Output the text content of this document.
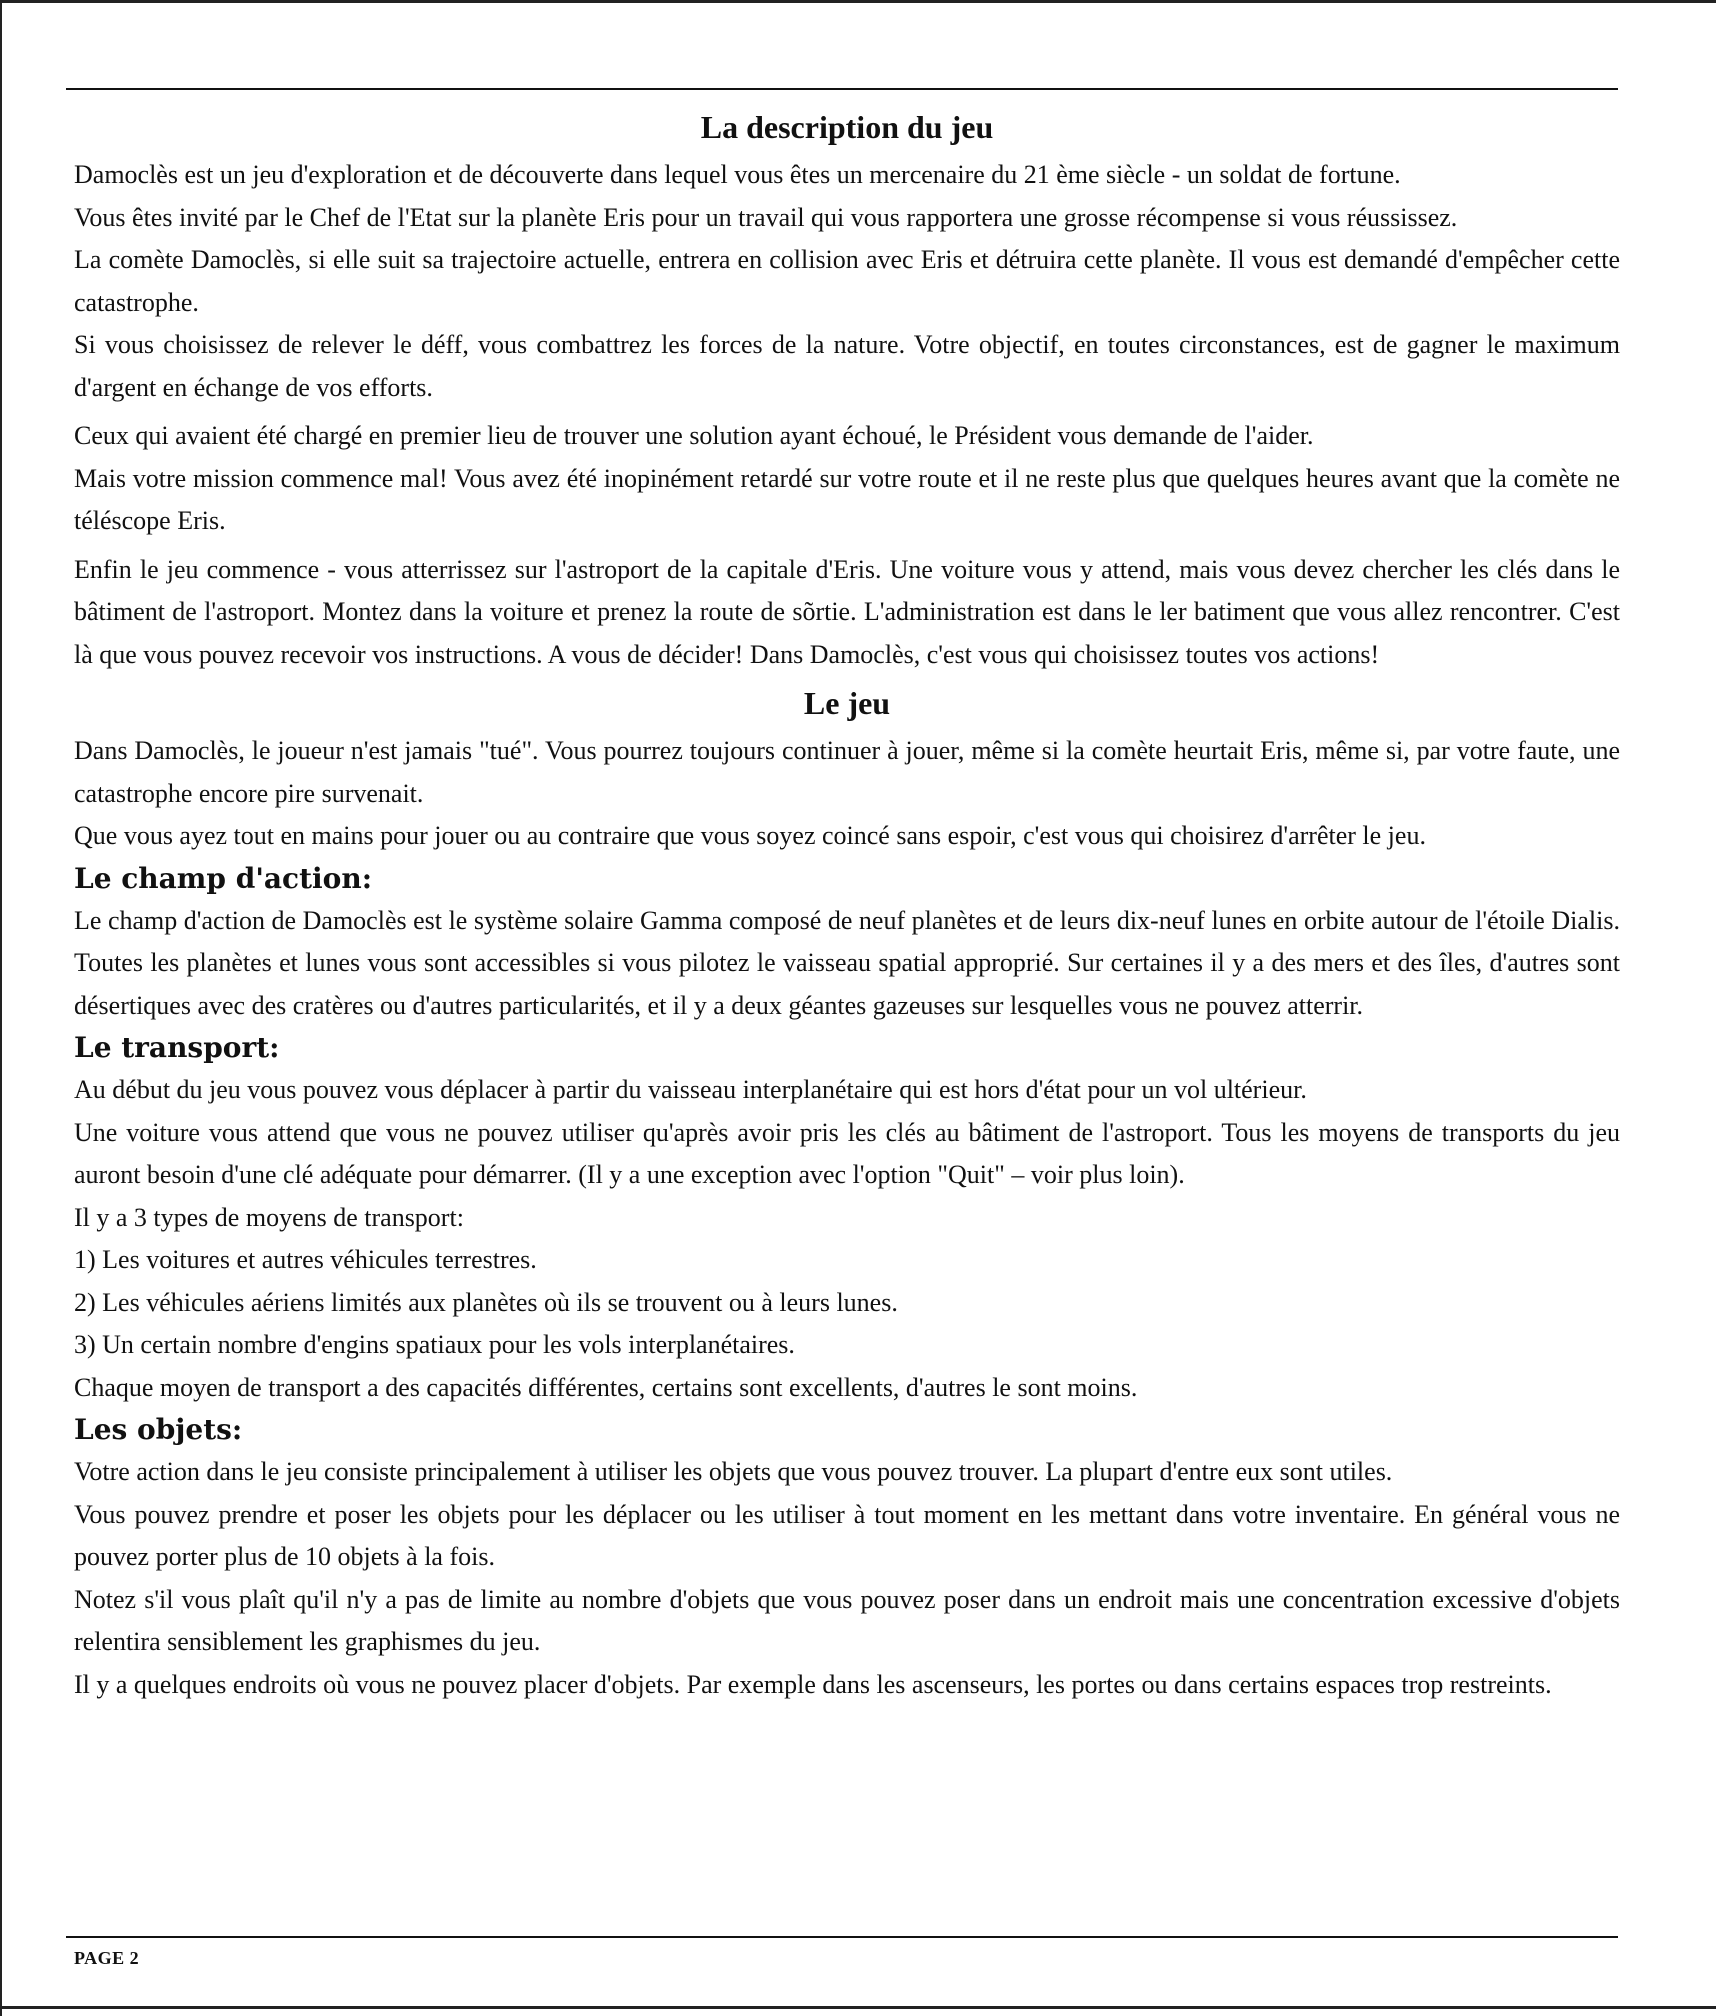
La description du jeu

Damoclès est un jeu d'exploration et de découverte dans lequel vous êtes un mercenaire du 21 ème siècle - un soldat de fortune.

Vous êtes invité par le Chef de l'Etat sur la planète Eris pour un travail qui vous rapportera une grosse récompense si vous réussissez.

La comète Damoclès, si elle suit sa trajectoire actuelle, entrera en collision avec Eris et détruira cette planète. Il vous est demandé d'empêcher cette catastrophe.

Si vous choisissez de relever le déff, vous combattrez les forces de la nature. Votre objectif, en toutes circonstances, est de gagner le maximum d'argent en échange de vos efforts.

Ceux qui avaient été chargé en premier lieu de trouver une solution ayant échoué, le Président vous demande de l'aider.

Mais votre mission commence mal! Vous avez été inopinément retardé sur votre route et il ne reste plus que quelques heures avant que la comète ne téléscope Eris.

Enfin le jeu commence - vous atterrissez sur l'astroport de la capitale d'Eris. Une voiture vous y attend, mais vous devez chercher les clés dans le bâtiment de l'astroport. Montez dans la voiture et prenez la route de sõrtie. L'administration est dans le ler batiment que vous allez rencontrer. C'est là que vous pouvez recevoir vos instructions. A vous de décider! Dans Damoclès, c'est vous qui choisissez toutes vos actions!

Le jeu

Dans Damoclès, le joueur n'est jamais "tué". Vous pourrez toujours continuer à jouer, même si la comète heurtait Eris, même si, par votre faute, une catastrophe encore pire survenait.

Que vous ayez tout en mains pour jouer ou au contraire que vous soyez coincé sans espoir, c'est vous qui choisirez d'arrêter le jeu.

Le champ d'action:

Le champ d'action de Damoclès est le système solaire Gamma composé de neuf planètes et de leurs dix-neuf lunes en orbite autour de l'étoile Dialis. Toutes les planètes et lunes vous sont accessibles si vous pilotez le vaisseau spatial approprié. Sur certaines il y a des mers et des îles, d'autres sont désertiques avec des cratères ou d'autres particularités, et il y a deux géantes gazeuses sur lesquelles vous ne pouvez atterrir.

Le transport:

Au début du jeu vous pouvez vous déplacer à partir du vaisseau interplanétaire qui est hors d'état pour un vol ultérieur.

Une voiture vous attend que vous ne pouvez utiliser qu'après avoir pris les clés au bâtiment de l'astroport. Tous les moyens de transports du jeu auront besoin d'une clé adéquate pour démarrer. (Il y a une exception avec l'option "Quit" – voir plus loin).

Il y a 3 types de moyens de transport:

1) Les voitures et autres véhicules terrestres.

2) Les véhicules aériens limités aux planètes où ils se trouvent ou à leurs lunes.

3) Un certain nombre d'engins spatiaux pour les vols interplanétaires.

Chaque moyen de transport a des capacités différentes, certains sont excellents, d'autres le sont moins.

Les objets:

Votre action dans le jeu consiste principalement à utiliser les objets que vous pouvez trouver. La plupart d'entre eux sont utiles.

Vous pouvez prendre et poser les objets pour les déplacer ou les utiliser à tout moment en les mettant dans votre inventaire. En général vous ne pouvez porter plus de 10 objets à la fois.

Notez s'il vous plaît qu'il n'y a pas de limite au nombre d'objets que vous pouvez poser dans un endroit mais une concentration excessive d'objets relentira sensiblement les graphismes du jeu.

Il y a quelques endroits où vous ne pouvez placer d'objets. Par exemple dans les ascenseurs, les portes ou dans certains espaces trop restreints.

PAGE 2
